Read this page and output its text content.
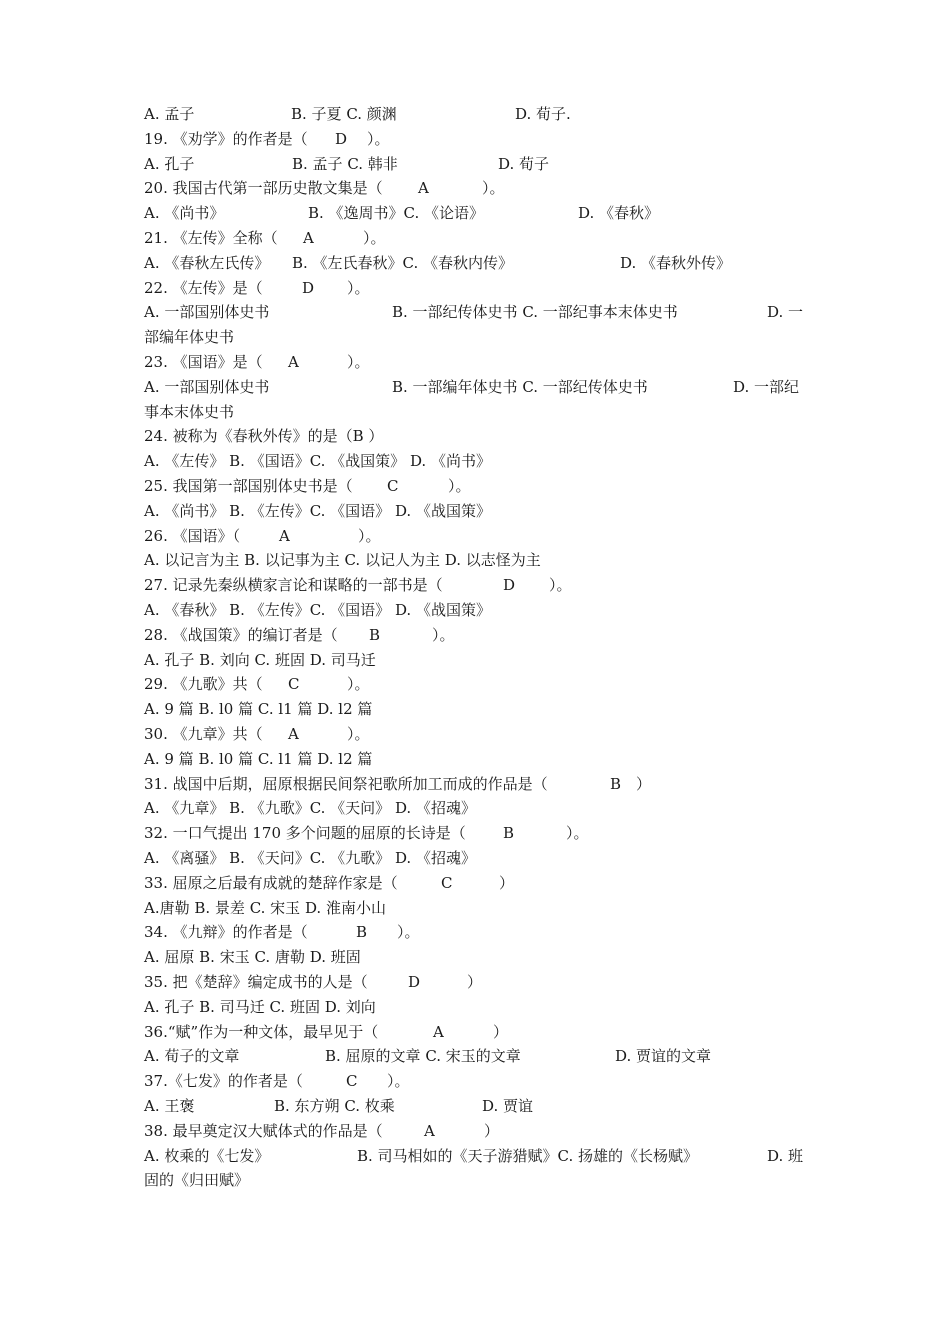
A. 孟子	B. 子夏 C. 颜渊	D. 荀子.
19. 《劝学》的作者是（ D ）。
A. 孔子	B. 孟子 C. 韩非	D. 荀子
20. 我国古代第一部历史散文集是（ A	）。
A. 《尚书》	B. 《逸周书》C. 《论语》	D. 《春秋》
21. 《左传》全称（ A	）。
A. 《春秋左氏传》 B. 《左氏春秋》C. 《春秋内传》	D. 《春秋外传》
22. 《左传》是（	D ）。
A. 一部国别体史书	B. 一部纪传体史书 C. 一部纪事本末体史书	D. 一
部编年体史书
23. 《国语》是（ A	）。
A. 一部国别体史书	B. 一部编年体史书 C. 一部纪传体史书	D. 一部纪
事本末体史书
24. 被称为《春秋外传》的是（B ）
A. 《左传》 B. 《国语》C. 《战国策》 D. 《尚书》
25. 我国第一部国别体史书是（ C	）。
A. 《尚书》 B. 《左传》C. 《国语》 D. 《战国策》
26. 《国语》（	A	）。
A. 以记言为主 B. 以记事为主 C. 以记人为主 D. 以志怪为主
27. 记录先秦纵横家言论和谋略的一部书是（	D ）。
A. 《春秋》 B. 《左传》C. 《国语》 D. 《战国策》
28. 《战国策》的编订者是（ B	）。
A. 孔子 B. 刘向 C. 班固 D. 司马迁
29. 《九歌》共（ C	）。
A. 9 篇 B. l0 篇 C. l1 篇 D. l2 篇
30. 《九章》共（ A	）。
A. 9 篇 B. l0 篇 C. l1 篇 D. l2 篇
31. 战国中后期，屈原根据民间祭祀歌所加工而成的作品是（	B ）
A. 《九章》 B. 《九歌》C. 《天问》 D. 《招魂》
32. 一口气提出 170 多个问题的屈原的长诗是（ B	）。
A. 《离骚》 B. 《天问》C. 《九歌》 D. 《招魂》
33. 屈原之后最有成就的楚辞作家是（	C	）
A.唐勒 B. 景差 C. 宋玉 D. 淮南小山
34. 《九辩》的作者是（	B ）。
A. 屈原 B. 宋玉 C. 唐勒 D. 班固
35. 把《楚辞》编定成书的人是（	D	）
A. 孔子 B. 司马迁 C. 班固 D. 刘向
36.“赋”作为一种文体，最早见于（	A	）
A. 荀子的文章	B. 屈原的文章 C. 宋玉的文章	D. 贾谊的文章
37.《七发》的作者是（	C ）。
A. 王褒	B. 东方朔 C. 枚乘	D. 贾谊
38. 最早奠定汉大赋体式的作品是（	A	）
A. 枚乘的《七发》	B. 司马相如的《天子游猎赋》C. 扬雄的《长杨赋》	D. 班
固的《归田赋》
